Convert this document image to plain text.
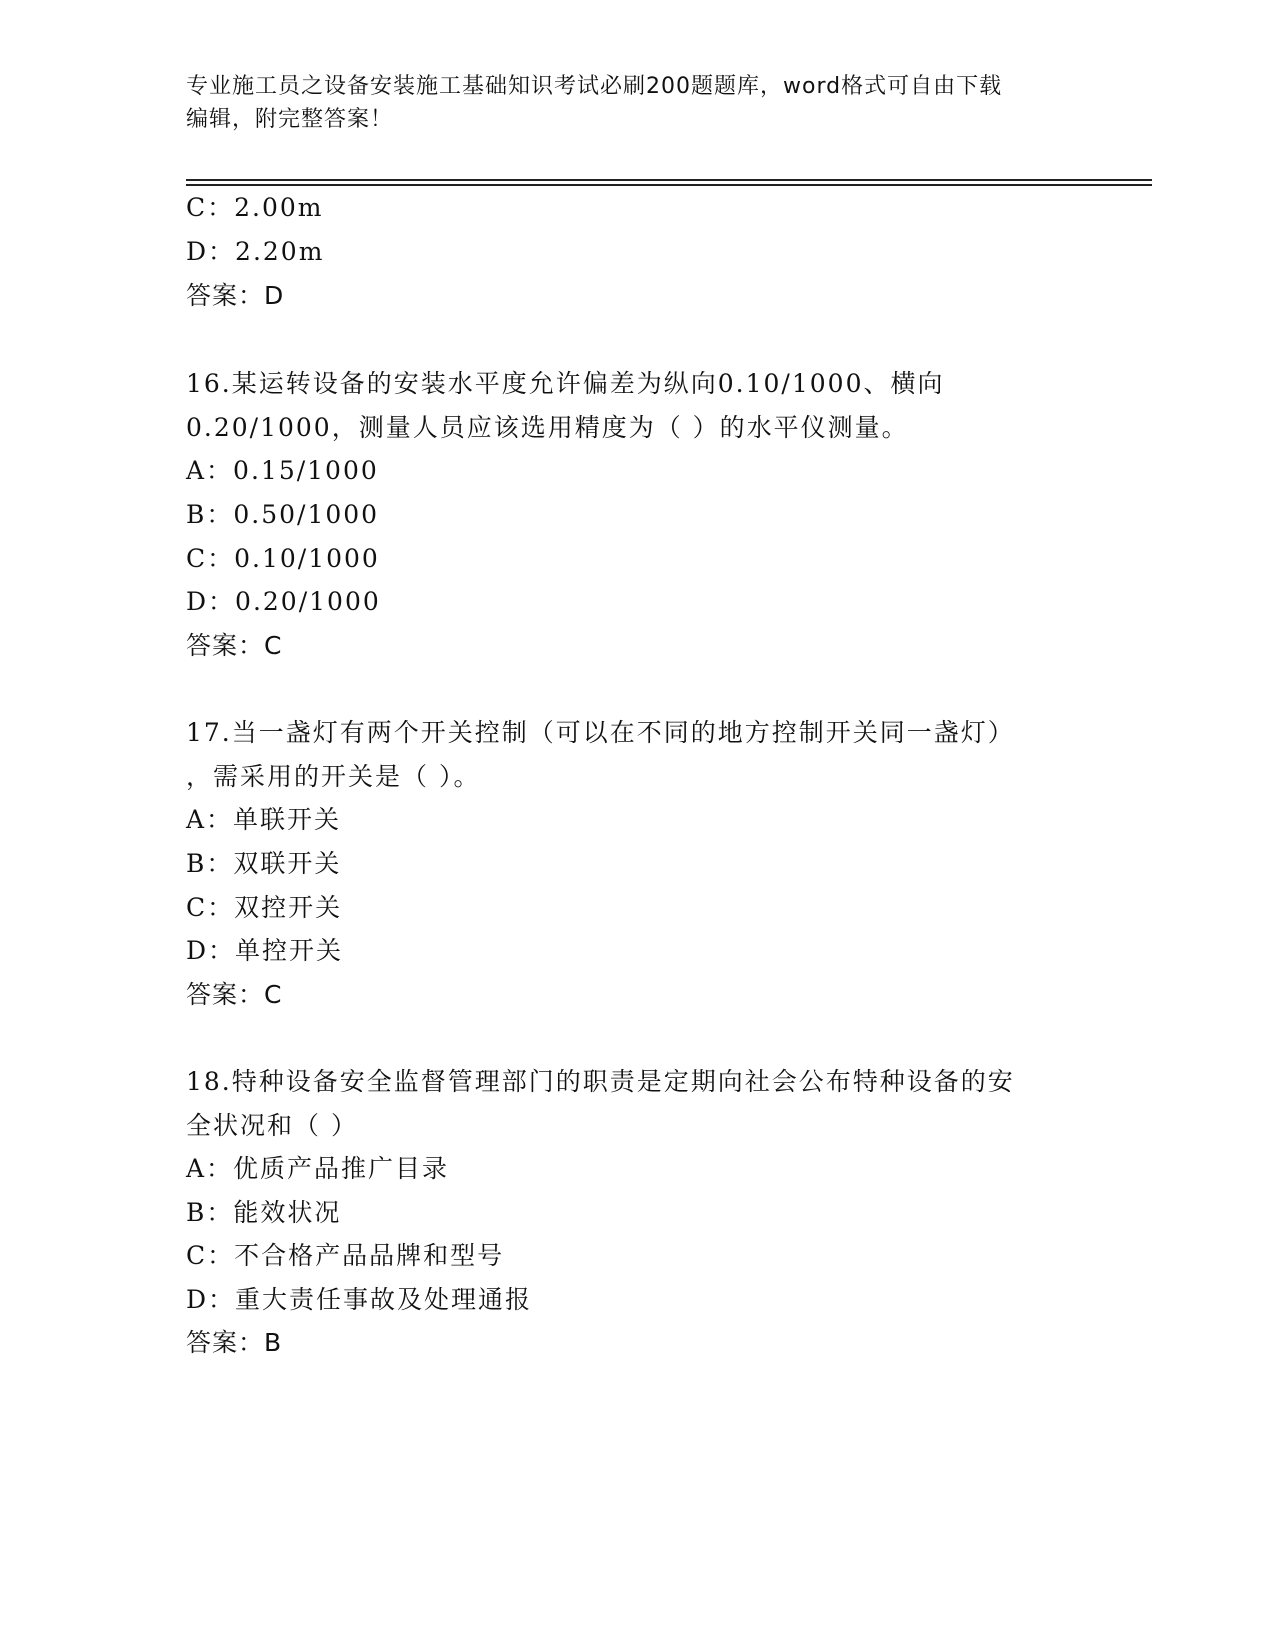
专业施工员之设备安装施工基础知识考试必刷200题题库，word格式可自由下载
编辑，附完整答案！
C：2.00m
D：2.20m
答案：D
16.某运转设备的安装水平度允许偏差为纵向0.10/1000、横向
0.20/1000，测量人员应该选用精度为（ ）的水平仪测量。
A：0.15/1000
B：0.50/1000
C：0.10/1000
D：0.20/1000
答案：C
17.当一盏灯有两个开关控制（可以在不同的地方控制开关同一盏灯）
，需采用的开关是（ ）。
A：单联开关
B：双联开关
C：双控开关
D：单控开关
答案：C
18.特种设备安全监督管理部门的职责是定期向社会公布特种设备的安
全状况和（ ）
A：优质产品推广目录
B：能效状况
C：不合格产品品牌和型号
D：重大责任事故及处理通报
答案：B
